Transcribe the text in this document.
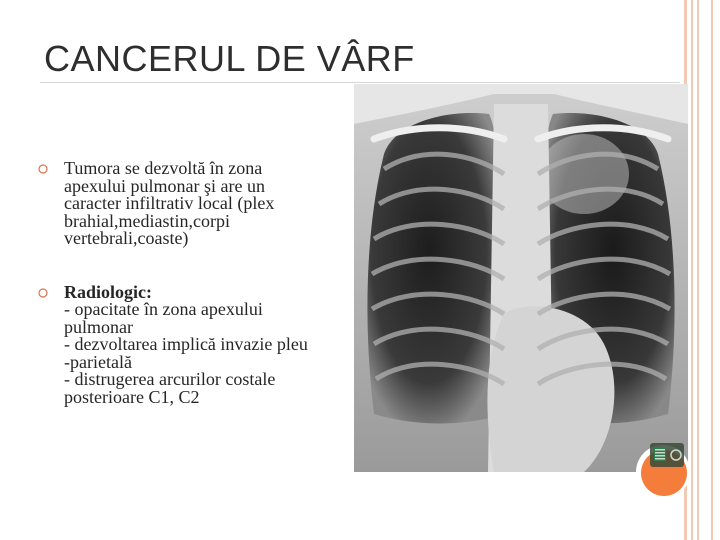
CANCERUL DE VÂRF
Tumora se dezvoltă în zona
apexului pulmonar şi are un
caracter infiltrativ local (plex
brahial,mediastin,corpi
vertebrali,coaste)
Radiologic:
- opacitate în zona apexului
pulmonar
- dezvoltarea implică invazie pleu
-parietală
- distrugerea arcurilor costale
posterioare C1, C2
